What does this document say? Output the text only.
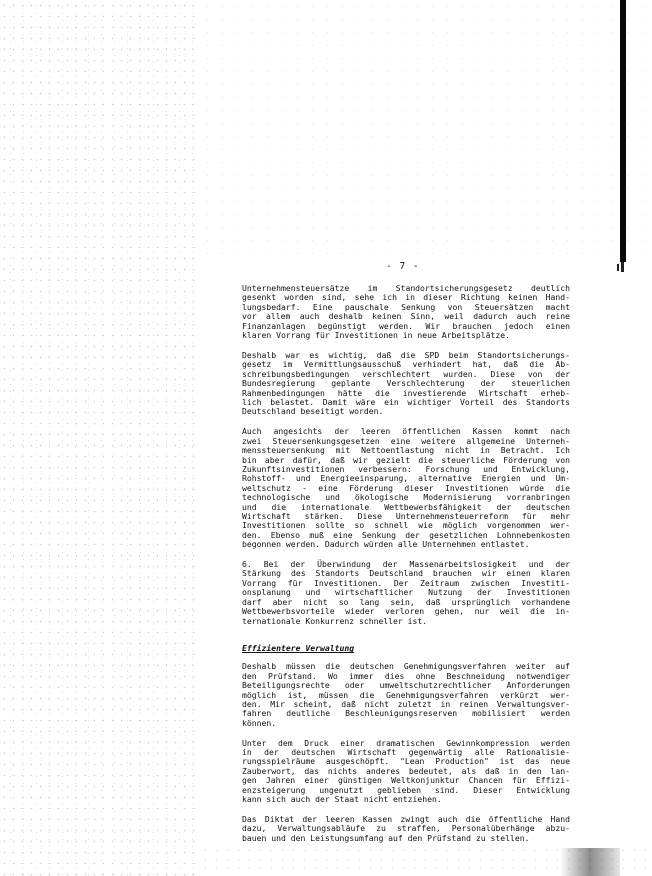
- 7 -

Unternehmensteuersätze im Standortsicherungsgesetz deutlich
gesenkt worden sind, sehe ich in dieser Richtung keinen Hand-
lungsbedarf. Eine pauschale Senkung von Steuersätzen macht
vor allem auch deshalb keinen Sinn, weil dadurch auch reine
Finanzanlagen begünstigt werden. Wir brauchen jedoch einen
klaren Vorrang für Investitionen in neue Arbeitsplätze.

Deshalb war es wichtig, daß die SPD beim Standortsicherungs-
gesetz im Vermittlungsausschuß verhindert hat, daß die Ab-
schreibungsbedingungen verschlechtert wurden. Diese von der
Bundesregierung geplante Verschlechterung der steuerlichen
Rahmenbedingungen hätte die investierende Wirtschaft erheb-
lich belastet. Damit wäre ein wichtiger Vorteil des Standorts
Deutschland beseitigt worden.

Auch angesichts der leeren öffentlichen Kassen kommt nach
zwei Steuersenkungsgesetzen eine weitere allgemeine Unterneh-
menssteuersenkung mit Nettoentlastung nicht in Betracht. Ich
bin aber dafür, daß wir gezielt die steuerliche Förderung von
Zukunftsinvestitionen verbessern: Forschung und Entwicklung,
Rohstoff- und Energieeinsparung, alternative Energien und Um-
weltschutz - eine Förderung dieser Investitionen würde die
technologische und ökologische Modernisierung vorranbringen
und die internationale Wettbewerbsfähigkeit der deutschen
Wirtschaft stärken. Diese Unternehmensteuerreform für mehr
Investitionen sollte so schnell wie möglich vorgenommen wer-
den. Ebenso muß eine Senkung der gesetzlichen Lohnnebenkosten
begonnen werden. Dadurch würden alle Unternehmen entlastet.

6. Bei der Überwindung der Massenarbeitslosigkeit und der
Stärkung des Standorts Deutschland brauchen wir einen klaren
Vorrang für Investitionen. Der Zeitraum zwischen Investiti-
onsplanung und wirtschaftlicher Nutzung der Investitionen
darf aber nicht so lang sein, daß ursprünglich vorhandene
Wettbewerbsvorteile wieder verloren gehen, nur weil die in-
ternationale Konkurrenz schneller ist.

Effizientere Verwaltung

Deshalb müssen die deutschen Genehmigungsverfahren weiter auf
den Prüfstand. Wo immer dies ohne Beschneidung notwendiger
Beteiligungsrechte oder umweltschutzrechtlicher Anforderungen
möglich ist, müssen die Genehmigungsverfahren verkürzt wer-
den. Mir scheint, daß nicht zuletzt in reinen Verwaltungsver-
fahren deutliche Beschleunigungsreserven mobilisiert werden
können.

Unter dem Druck einer dramatischen Gewinnkompression werden
in der deutschen Wirtschaft gegenwärtig alle Rationalisie-
rungsspielräume ausgeschöpft. "Lean Production" ist das neue
Zauberwort, das nichts anderes bedeutet, als daß in den lan-
gen Jahren einer günstigen Weltkonjunktur Chancen für Effizi-
enzsteigerung ungenutzt geblieben sind. Dieser Entwicklung
kann sich auch der Staat nicht entziehen.

Das Diktat der leeren Kassen zwingt auch die öffentliche Hand
dazu, Verwaltungsabläufe zu straffen, Personalüberhänge abzu-
bauen und den Leistungsumfang auf den Prüfstand zu stellen.
